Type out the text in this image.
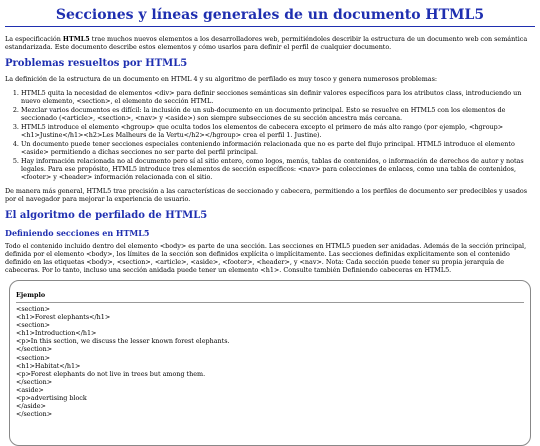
Secciones y líneas generales de un documento HTML5

La especificación HTML5 trae muchos nuevos elementos a los desarrolladores web, permitiéndoles describir la estructura de un documento web con semántica estandarizada. Este documento describe estos elementos y cómo usarlos para definir el perfil de cualquier documento.

Problemas resueltos por HTML5

La definición de la estructura de un documento en HTML 4 y su algoritmo de perfilado es muy tosco y genera numerosos problemas:

1. HTML5 quita la necesidad de elementos <div> para definir secciones semánticas sin definir valores específicos para los atributos class, introduciendo un nuevo elemento, <section>, el elemento de sección HTML.
2. Mezclar varios documentos es difícil: la inclusión de un sub-documento en un documento principal. Esto se resuelve en HTML5 con los elementos de seccionado (<article>, <section>, <nav> y <aside>) son siempre subsecciones de su sección ancestra más cercana.
3. HTML5 introduce el elemento <hgroup> que oculta todos los elementos de cabecera excepto el primero de más alto rango (por ejemplo, <hgroup><h1>Justine</h1><h2>Les Malheurs de la Vertu</h2></hgroup> crea el perfil 1. Justine).
4. Un documento puede tener secciones especiales conteniendo información relacionada que no es parte del flujo principal. HTML5 introduce el elemento <aside> permitiendo a dichas secciones no ser parte del perfil principal.
5. Hay información relacionada no al documento pero sí al sitio entero, como logos, menús, tablas de contenidos, o información de derechos de autor y notas legales. Para ese propósito, HTML5 introduce tres elementos de sección específicos: <nav> para colecciones de enlaces, como una tabla de contenidos, <footer> y <header> información relacionada con el sitio.

De manera más general, HTML5 trae precisión a las características de seccionado y cabecera, permitiendo a los perfiles de documento ser predecibles y usados por el navegador para mejorar la experiencia de usuario.

El algoritmo de perfilado de HTML5
Definiendo secciones en HTML5

Todo el contenido incluido dentro del elemento <body> es parte de una sección. Las secciones en HTML5 pueden ser anidadas. Además de la sección principal, definida por el elemento <body>, los límites de la sección son definidos explícita o implícitamente. Las secciones definidas explícitamente son el contenido definido en las etiquetas <body>, <section>, <article>, <aside>, <footer>, <header>, y <nav>. Nota: Cada sección puede tener su propia jerarquía de cabeceras. Por lo tanto, incluso una sección anidada puede tener un elemento <h1>. Consulte también Definiendo cabeceras en HTML5.

Ejemplo
<section>
<h1>Forest elephants</h1>
<section>
<h1>Introduction</h1>
<p>In this section, we discuss the lesser known forest elephants.
</section>
<section>
<h1>Habitat</h1>
<p>Forest elephants do not live in trees but among them.
</section>
<aside>
<p>advertising block
</aside>
</section>
